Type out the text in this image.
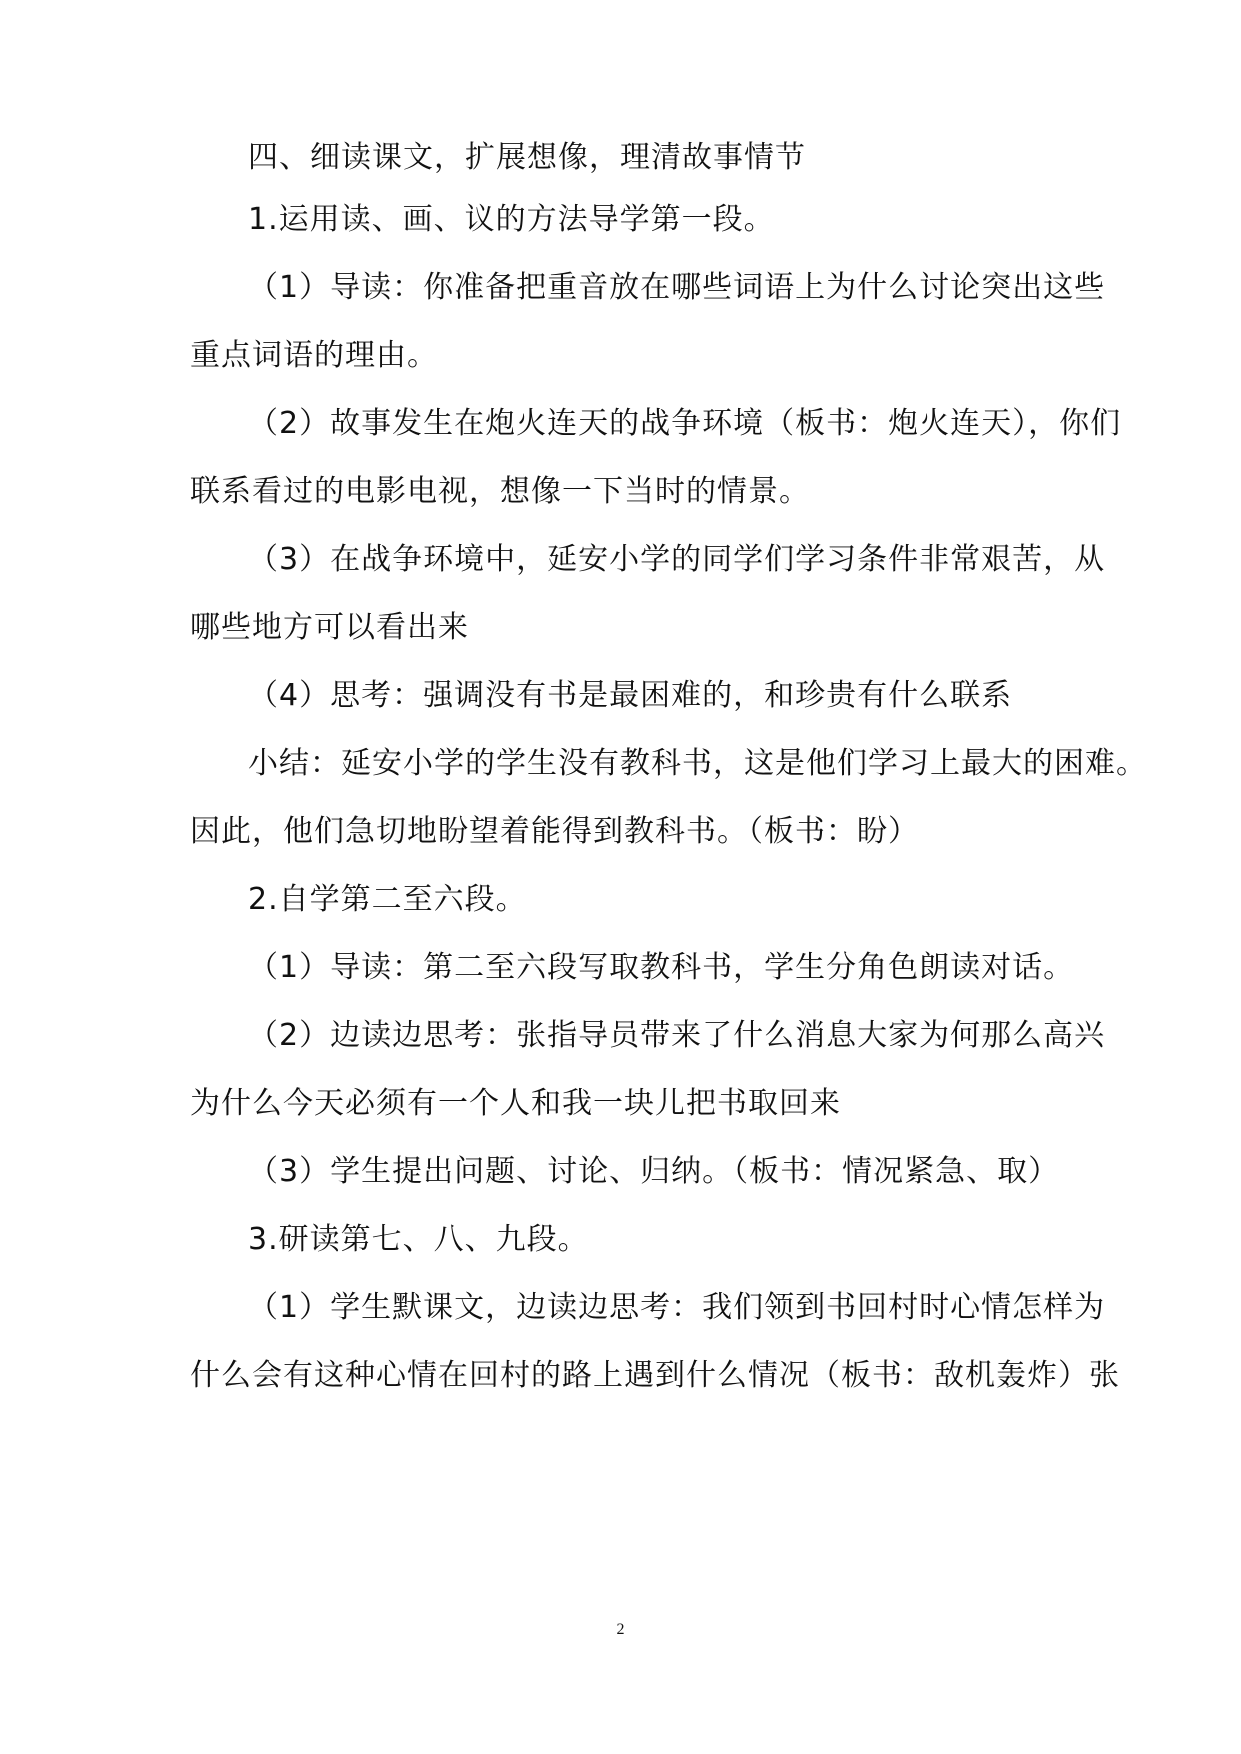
四、细读课文，扩展想像，理清故事情节
1.运用读、画、议的方法导学第一段。
（1）导读：你准备把重音放在哪些词语上为什么讨论突出这些
重点词语的理由。
（2）故事发生在炮火连天的战争环境（板书：炮火连天），你们
联系看过的电影电视，想像一下当时的情景。
（3）在战争环境中，延安小学的同学们学习条件非常艰苦，从
哪些地方可以看出来
（4）思考：强调没有书是最困难的，和珍贵有什么联系
小结：延安小学的学生没有教科书，这是他们学习上最大的困难。
因此，他们急切地盼望着能得到教科书。（板书：盼）
2.自学第二至六段。
（1）导读：第二至六段写取教科书，学生分角色朗读对话。
（2）边读边思考：张指导员带来了什么消息大家为何那么高兴
为什么今天必须有一个人和我一块儿把书取回来
（3）学生提出问题、讨论、归纳。（板书：情况紧急、取）
3.研读第七、八、九段。
（1）学生默课文，边读边思考：我们领到书回村时心情怎样为
什么会有这种心情在回村的路上遇到什么情况（板书：敌机轰炸）张
2
